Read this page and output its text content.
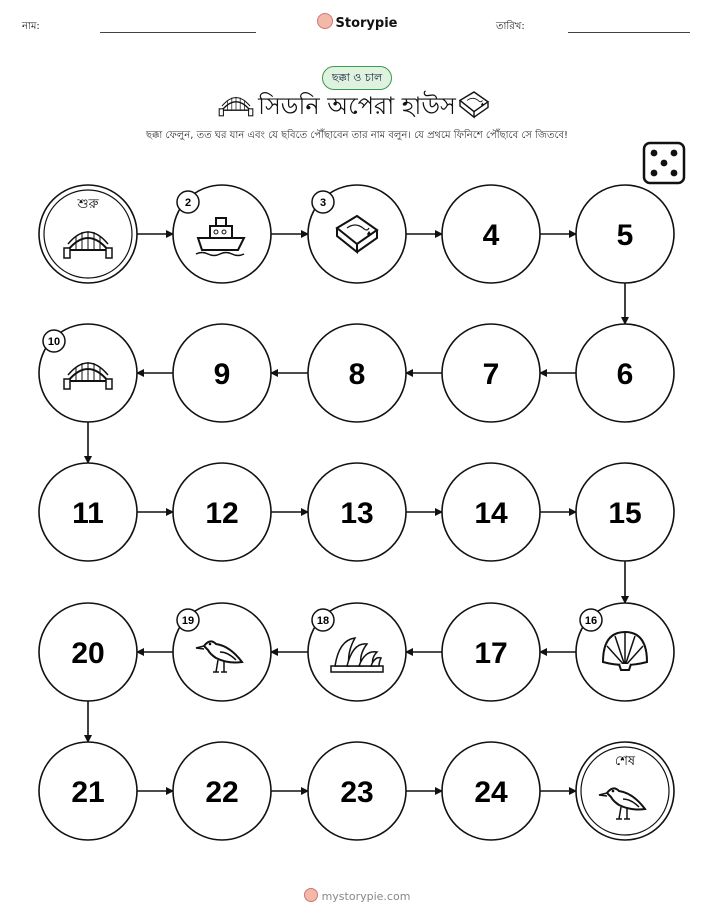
নাম:	Storypie	তারিখ:
ছক্কা ও চাল
সিডনি অপেরা হাউস
ছক্কা ফেলুন, তত ঘর যান এবং যে ছবিতে পৌঁছাবেন তার নাম বলুন। যে প্রথমে ফিনিশে পৌঁছাবে সে জিতবে!
শুরু	2	3
4	5
6
7
8
9
10
11	12	13	14	15
16
17
18
19
20
21	22	23	24
শেষ
mystorypie.com
